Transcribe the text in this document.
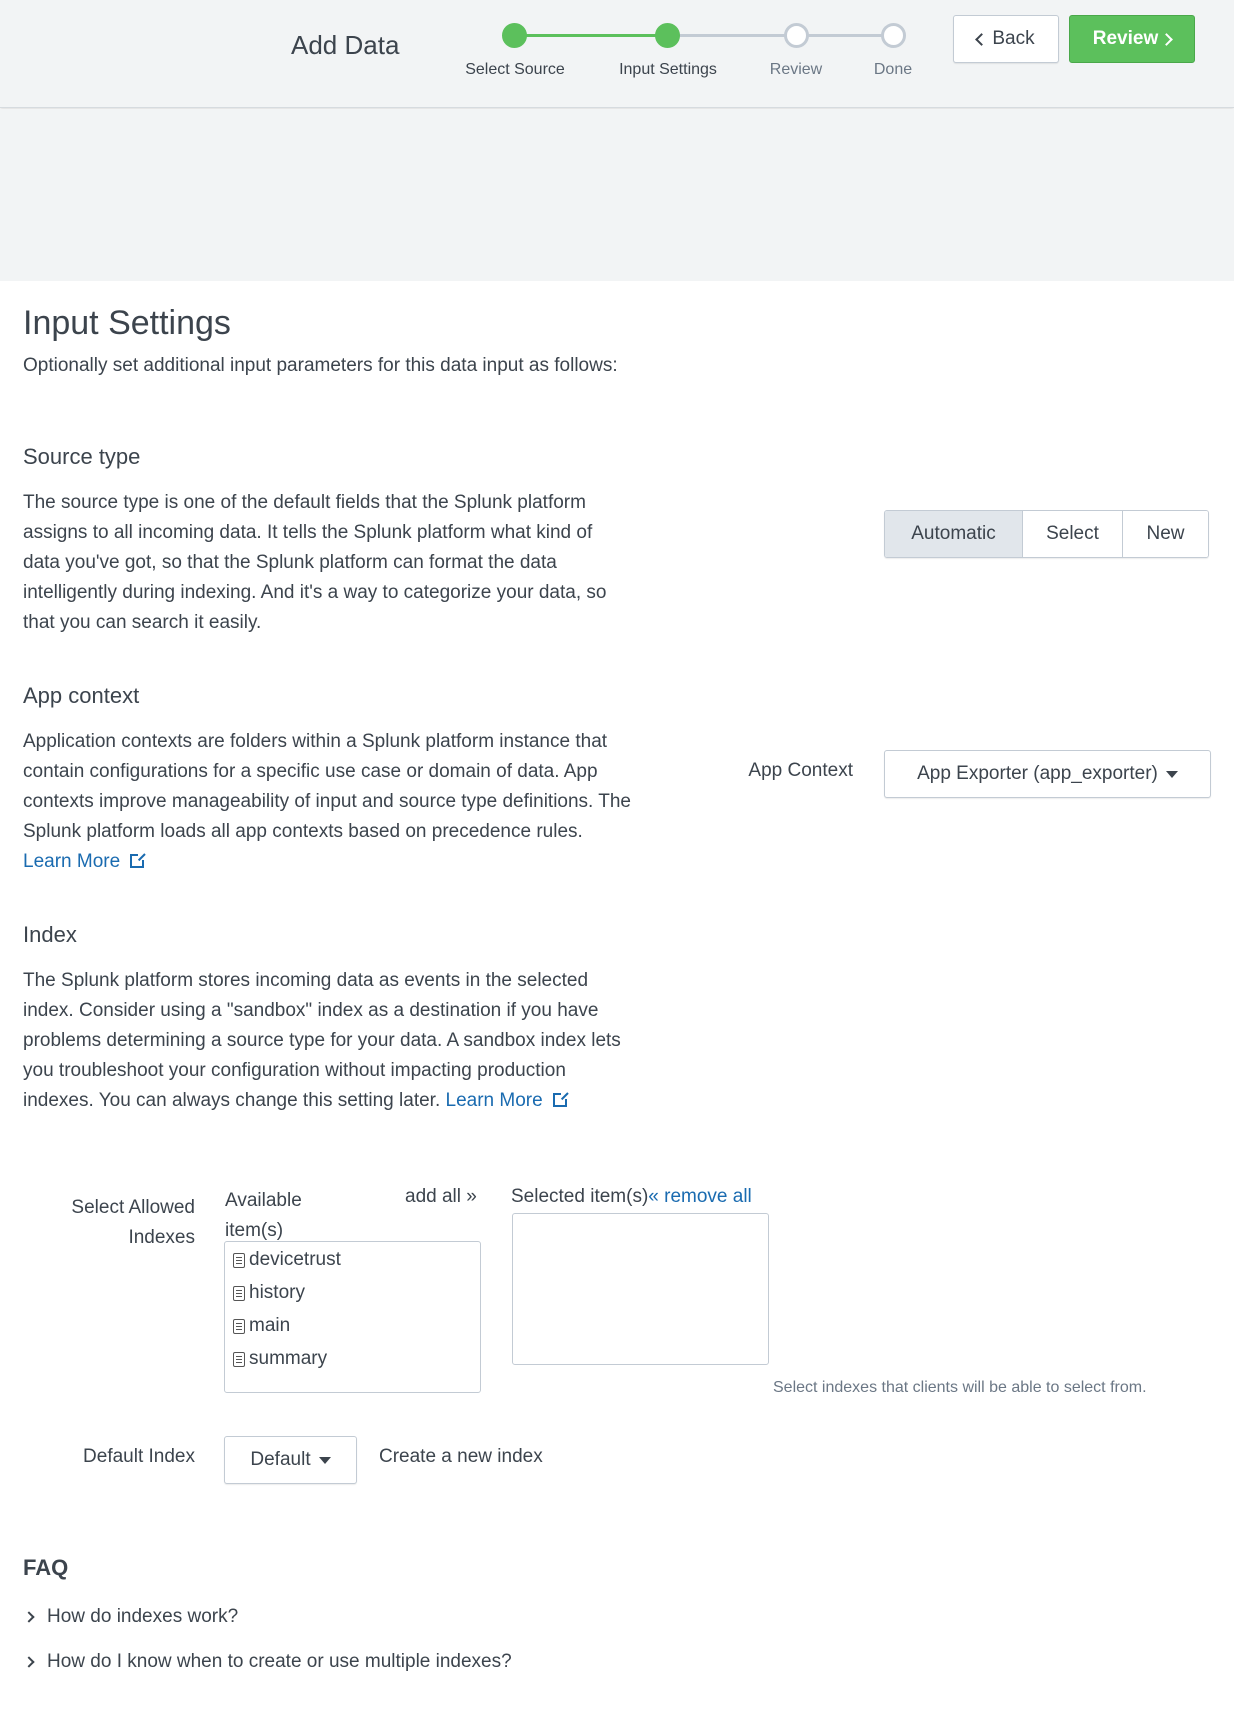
Add Data
Select Source	Input Settings	Review	Done
Back	Review
Input Settings
Optionally set additional input parameters for this data input as follows:
Source type
The source type is one of the default fields that the Splunk platform assigns to all incoming data. It tells the Splunk platform what kind of data you've got, so that the Splunk platform can format the data intelligently during indexing. And it's a way to categorize your data, so that you can search it easily.
Automatic	Select	New
App context
Application contexts are folders within a Splunk platform instance that contain configurations for a specific use case or domain of data. App contexts improve manageability of input and source type definitions. The Splunk platform loads all app contexts based on precedence rules. Learn More
App Context	App Exporter (app_exporter)
Index
The Splunk platform stores incoming data as events in the selected index. Consider using a "sandbox" index as a destination if you have problems determining a source type for your data. A sandbox index lets you troubleshoot your configuration without impacting production indexes. You can always change this setting later. Learn More
Select Allowed
Indexes
Available
item(s)
add all »
devicetrust
history
main
summary
Selected item(s)« remove all
Select indexes that clients will be able to select from.
Default Index	Default	Create a new index
FAQ
How do indexes work?
How do I know when to create or use multiple indexes?
